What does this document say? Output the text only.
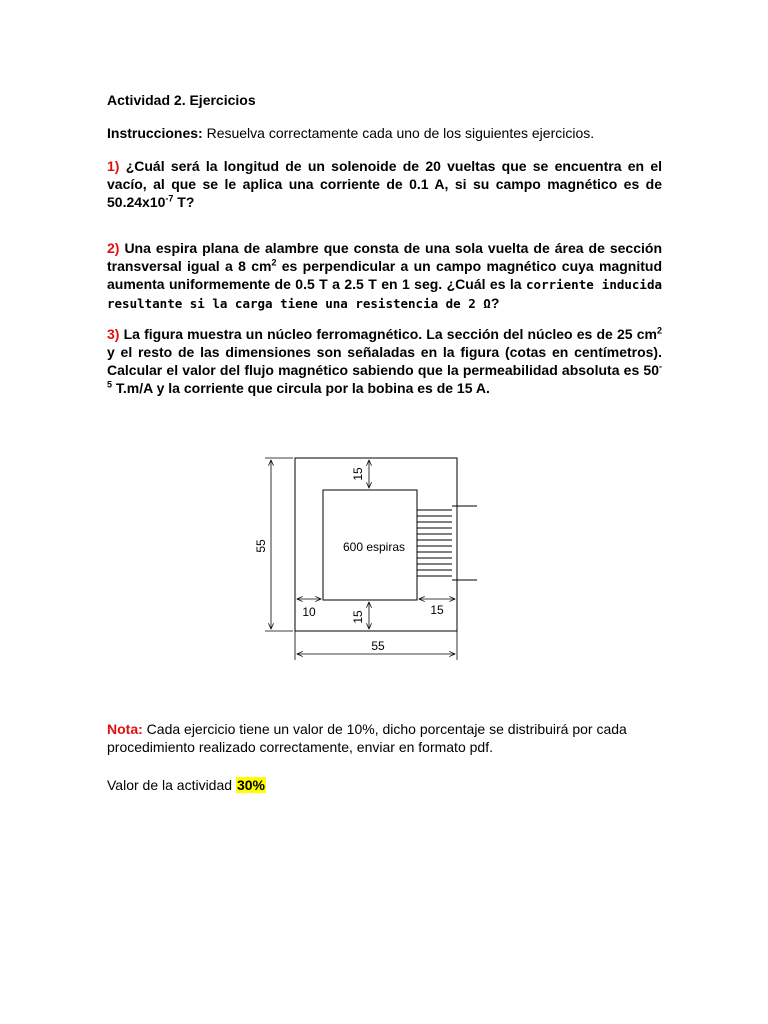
Actividad 2. Ejercicios

Instrucciones: Resuelva correctamente cada uno de los siguientes ejercicios.

1) ¿Cuál será la longitud de un solenoide de 20 vueltas que se encuentra en el vacío, al que se le aplica una corriente de 0.1 A, si su campo magnético es de $50.24x10^{-7}$ T?

2) Una espira plana de alambre que consta de una sola vuelta de área de sección transversal igual a 8 $cm^2$ es perpendicular a un campo magnético cuya magnitud aumenta uniformemente de 0.5 T a 2.5 T en 1 seg. ¿Cuál es la corriente inducida resultante si la carga tiene una resistencia de 2 Ω?

3) La figura muestra un núcleo ferromagnético. La sección del núcleo es de 25 $cm^2$ y el resto de las dimensiones son señaladas en la figura (cotas en centímetros). Calcular el valor del flujo magnético sabiendo que la permeabilidad absoluta es $50^{-5}$ T.m/A y la corriente que circula por la bobina es de 15 A.

55
15
15
10	15
55
600 espiras

Nota: Cada ejercicio tiene un valor de 10%, dicho porcentaje se distribuirá por cada procedimiento realizado correctamente, enviar en formato pdf.

Valor de la actividad 30%
